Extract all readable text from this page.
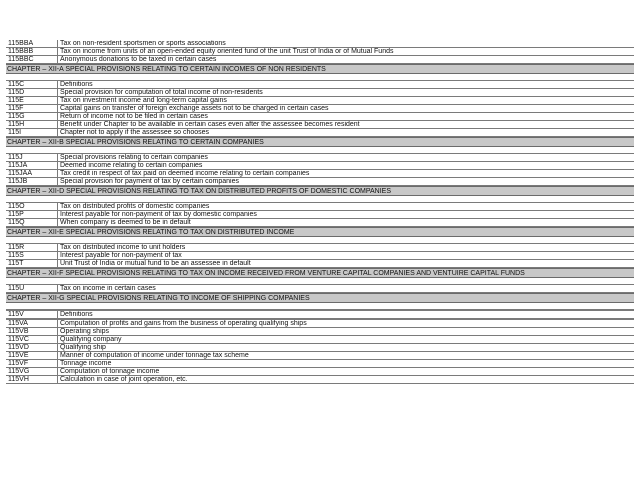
115BBA	Tax on non-resident sportsmen or sports associations
115BBB	Tax on income from units of an open-ended equity oriented fund of the unit Trust of India or of Mutual Funds
115BBC	Anonymous donations to be taxed in certain cases
CHAPTER – XII-A SPECIAL PROVISIONS RELATING TO CERTAIN INCOMES OF NON RESIDENTS
115C	Definitions
115D	Special provision for computation of total income of non-residents
115E	Tax on investment income and long-term capital gains
115F	Capital gains on transfer of foreign exchange assets not to be charged in certain cases
115G	Return of income not to be filed in certain cases
115H	Benefit under Chapter to be available in certain cases even after the assessee becomes resident
115I	Chapter not to apply if the assessee so chooses
CHAPTER – XII-B SPECIAL PROVISIONS RELATING TO CERTAIN COMPANIES
115J	Special provisions relating to certain companies
115JA	Deemed income relating to certain companies
115JAA	Tax credit in respect of tax paid on deemed income relating to certain companies
115JB	Special provision for payment of tax by certain companies
CHAPTER – XII-D SPECIAL PROVISIONS RELATING TO TAX ON DISTRIBUTED PROFITS OF DOMESTIC COMPANIES
115O	Tax on distributed profits of domestic companies
115P	Interest payable for non-payment of tax by domestic companies
115Q	When company is deemed to be in default
CHAPTER – XII-E SPECIAL PROVISIONS RELATING TO TAX ON DISTRIBUTED INCOME
115R	Tax on distributed income to unit holders
115S	Interest payable for non-payment of tax
115T	Unit Trust of India or mutual fund to be an assessee in default
CHAPTER – XII-F SPECIAL PROVISIONS RELATING TO TAX ON INCOME RECEIVED FROM VENTURE CAPITAL COMPANIES AND VENTUIRE CAPITAL FUNDS
115U	Tax on income in certain cases
CHAPTER – XII-G SPECIAL PROVISIONS RELATING TO INCOME OF SHIPPING COMPANIES
115V	Definitions
115VA	Computation of profits and gains from the business of operating qualifying ships
115VB	Operating ships
115VC	Qualifying company
115VD	Qualifying ship
115VE	Manner of computation of income under tonnage tax scheme
115VF	Tonnage income
115VG	Computation of tonnage income
115VH	Calculation in case of joint operation, etc.
